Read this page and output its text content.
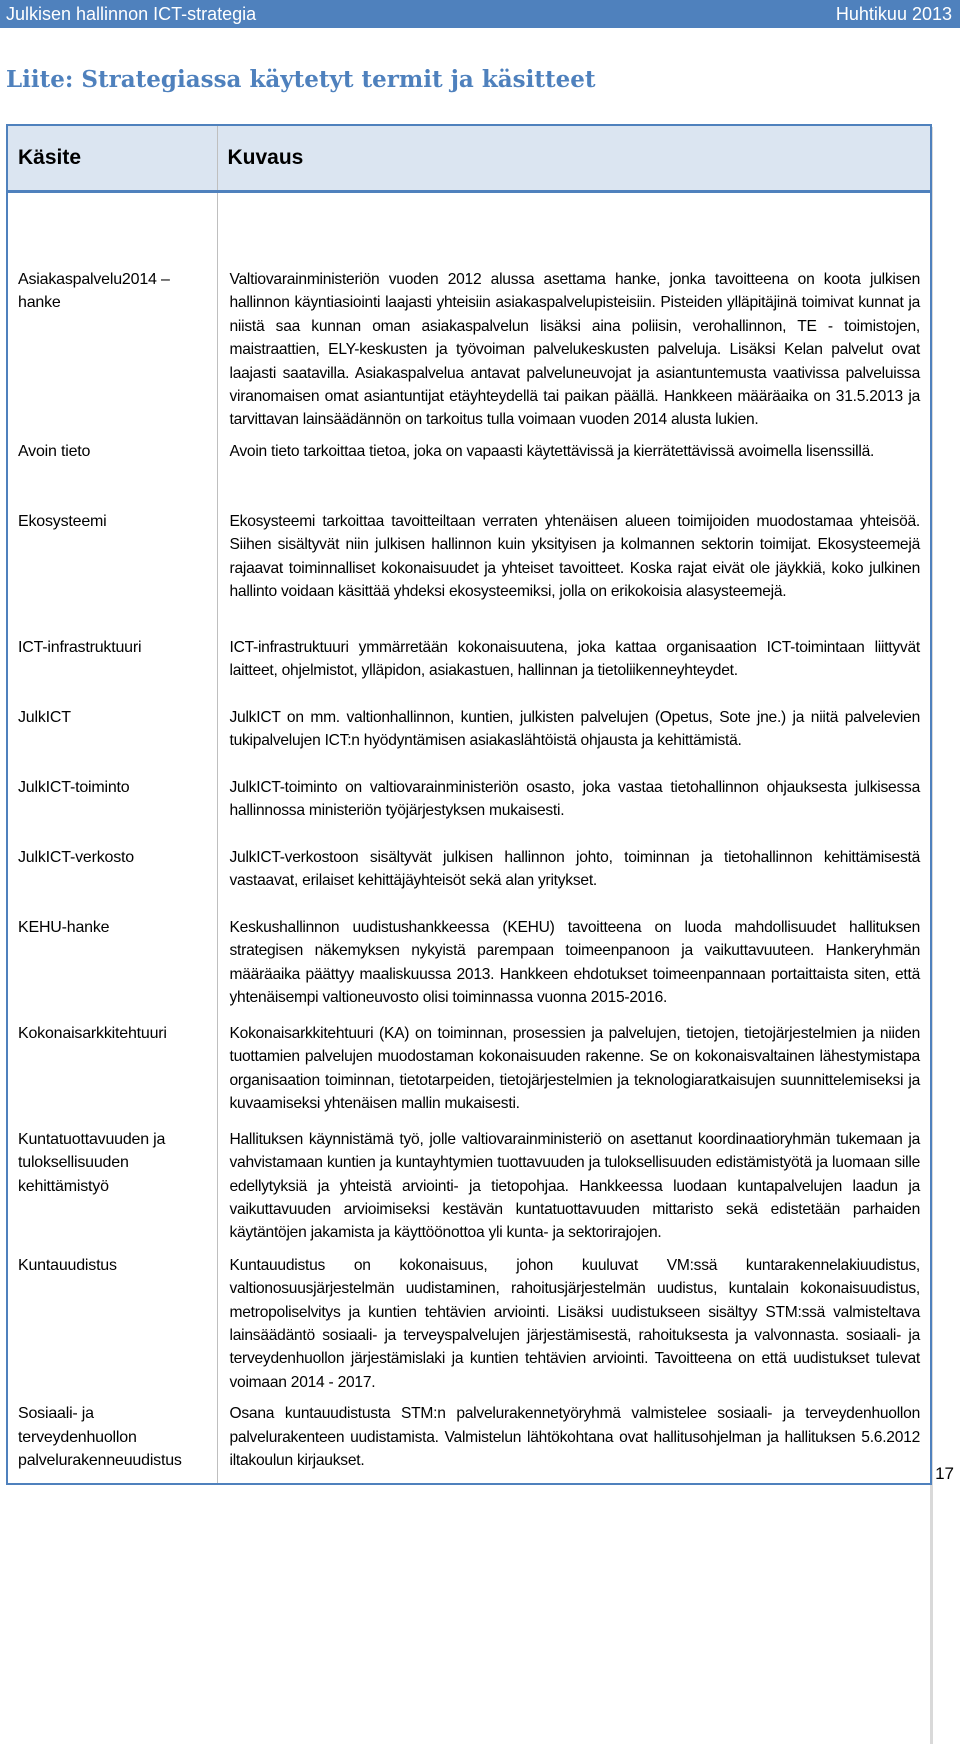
Julkisen hallinnon ICT-strategia	Huhtikuu 2013
Liite: Strategiassa käytetyt termit ja käsitteet
Käsite	Kuvaus
Asiakaspalvelu2014 –hanke	Valtiovarainministeriön vuoden 2012 alussa asettama hanke, jonka tavoitteena on koota julkisen hallinnon käyntiasiointi laajasti yhteisiin asiakaspalvelupisteisiin. Pisteiden ylläpitäjinä toimivat kunnat ja niistä saa kunnan oman asiakaspalvelun lisäksi aina poliisin, verohallinnon, TE - toimistojen, maistraattien, ELY-keskusten ja työvoiman palvelukeskusten palveluja. Lisäksi Kelan palvelut ovat laajasti saatavilla. Asiakaspalvelua antavat palveluneuvojat ja asiantuntemusta vaativissa palveluissa viranomaisen omat asiantuntijat etäyhteydellä tai paikan päällä. Hankkeen määräaika on 31.5.2013 ja tarvittavan lainsäädännön on tarkoitus tulla voimaan vuoden 2014 alusta lukien.
Avoin tieto	Avoin tieto tarkoittaa tietoa, joka on vapaasti käytettävissä ja kierrätettävissä avoimella lisenssillä.
Ekosysteemi	Ekosysteemi tarkoittaa tavoitteiltaan verraten yhtenäisen alueen toimijoiden muodostamaa yhteisöä. Siihen sisältyvät niin julkisen hallinnon kuin yksityisen ja kolmannen sektorin toimijat. Ekosysteemejä rajaavat toiminnalliset kokonaisuudet ja yhteiset tavoitteet. Koska rajat eivät ole jäykkiä, koko julkinen hallinto voidaan käsittää yhdeksi ekosysteemiksi, jolla on erikokoisia alasysteemejä.
ICT-infrastruktuuri	ICT-infrastruktuuri ymmärretään kokonaisuutena, joka kattaa organisaation ICT-toimintaan liittyvät laitteet, ohjelmistot, ylläpidon, asiakastuen, hallinnan ja tietoliikenneyhteydet.
JulkICT	JulkICT on mm. valtionhallinnon, kuntien, julkisten palvelujen (Opetus, Sote jne.) ja niitä palvelevien tukipalvelujen ICT:n hyödyntämisen asiakaslähtöistä ohjausta ja kehittämistä.
JulkICT-toiminto	JulkICT-toiminto on valtiovarainministeriön osasto, joka vastaa tietohallinnon ohjauksesta julkisessa hallinnossa ministeriön työjärjestyksen mukaisesti.
JulkICT-verkosto	JulkICT-verkostoon sisältyvät julkisen hallinnon johto, toiminnan ja tietohallinnon kehittämisestä vastaavat, erilaiset kehittäjäyhteisöt sekä alan yritykset.
KEHU-hanke	Keskushallinnon uudistushankkeessa (KEHU) tavoitteena on luoda mahdollisuudet hallituksen strategisen näkemyksen nykyistä parempaan toimeenpanoon ja vaikuttavuuteen. Hankeryhmän määräaika päättyy maaliskuussa 2013. Hankkeen ehdotukset toimeenpannaan portaittaista siten, että yhtenäisempi valtioneuvosto olisi toiminnassa vuonna 2015-2016.
Kokonaisarkkitehtuuri	Kokonaisarkkitehtuuri (KA) on toiminnan, prosessien ja palvelujen, tietojen, tietojärjestelmien ja niiden tuottamien palvelujen muodostaman kokonaisuuden rakenne. Se on kokonaisvaltainen lähestymistapa organisaation toiminnan, tietotarpeiden, tietojärjestelmien ja teknologiaratkaisujen suunnittelemiseksi ja kuvaamiseksi yhtenäisen mallin mukaisesti.
Kuntatuottavuuden ja tuloksellisuuden kehittämistyö	Hallituksen käynnistämä työ, jolle valtiovarainministeriö on asettanut koordinaatioryhmän tukemaan ja vahvistamaan kuntien ja kuntayhtymien tuottavuuden ja tuloksellisuuden edistämistyötä ja luomaan sille edellytyksiä ja yhteistä arviointi- ja tietopohjaa. Hankkeessa luodaan kuntapalvelujen laadun ja vaikuttavuuden arvioimiseksi kestävän kuntatuottavuuden mittaristo sekä edistetään parhaiden käytäntöjen jakamista ja käyttöönottoa yli kunta- ja sektorirajojen.
Kuntauudistus	Kuntauudistus on kokonaisuus, johon kuuluvat VM:ssä kuntarakennelakiuudistus, valtionosuusjärjestelmän uudistaminen, rahoitusjärjestelmän uudistus, kuntalain kokonaisuudistus, metropoliselvitys ja kuntien tehtävien arviointi. Lisäksi uudistukseen sisältyy STM:ssä valmisteltava lainsäädäntö sosiaali- ja terveyspalvelujen järjestämisestä, rahoituksesta ja valvonnasta. sosiaali- ja terveydenhuollon järjestämislaki ja kuntien tehtävien arviointi. Tavoitteena on että uudistukset tulevat voimaan 2014 - 2017.
Sosiaali- ja terveydenhuollon palvelurakenneuudistus	Osana kuntauudistusta STM:n palvelurakennetyöryhmä valmistelee sosiaali- ja terveydenhuollon palvelurakenteen uudistamista. Valmistelun lähtökohtana ovat hallitusohjelman ja hallituksen 5.6.2012 iltakoulun kirjaukset.
17
